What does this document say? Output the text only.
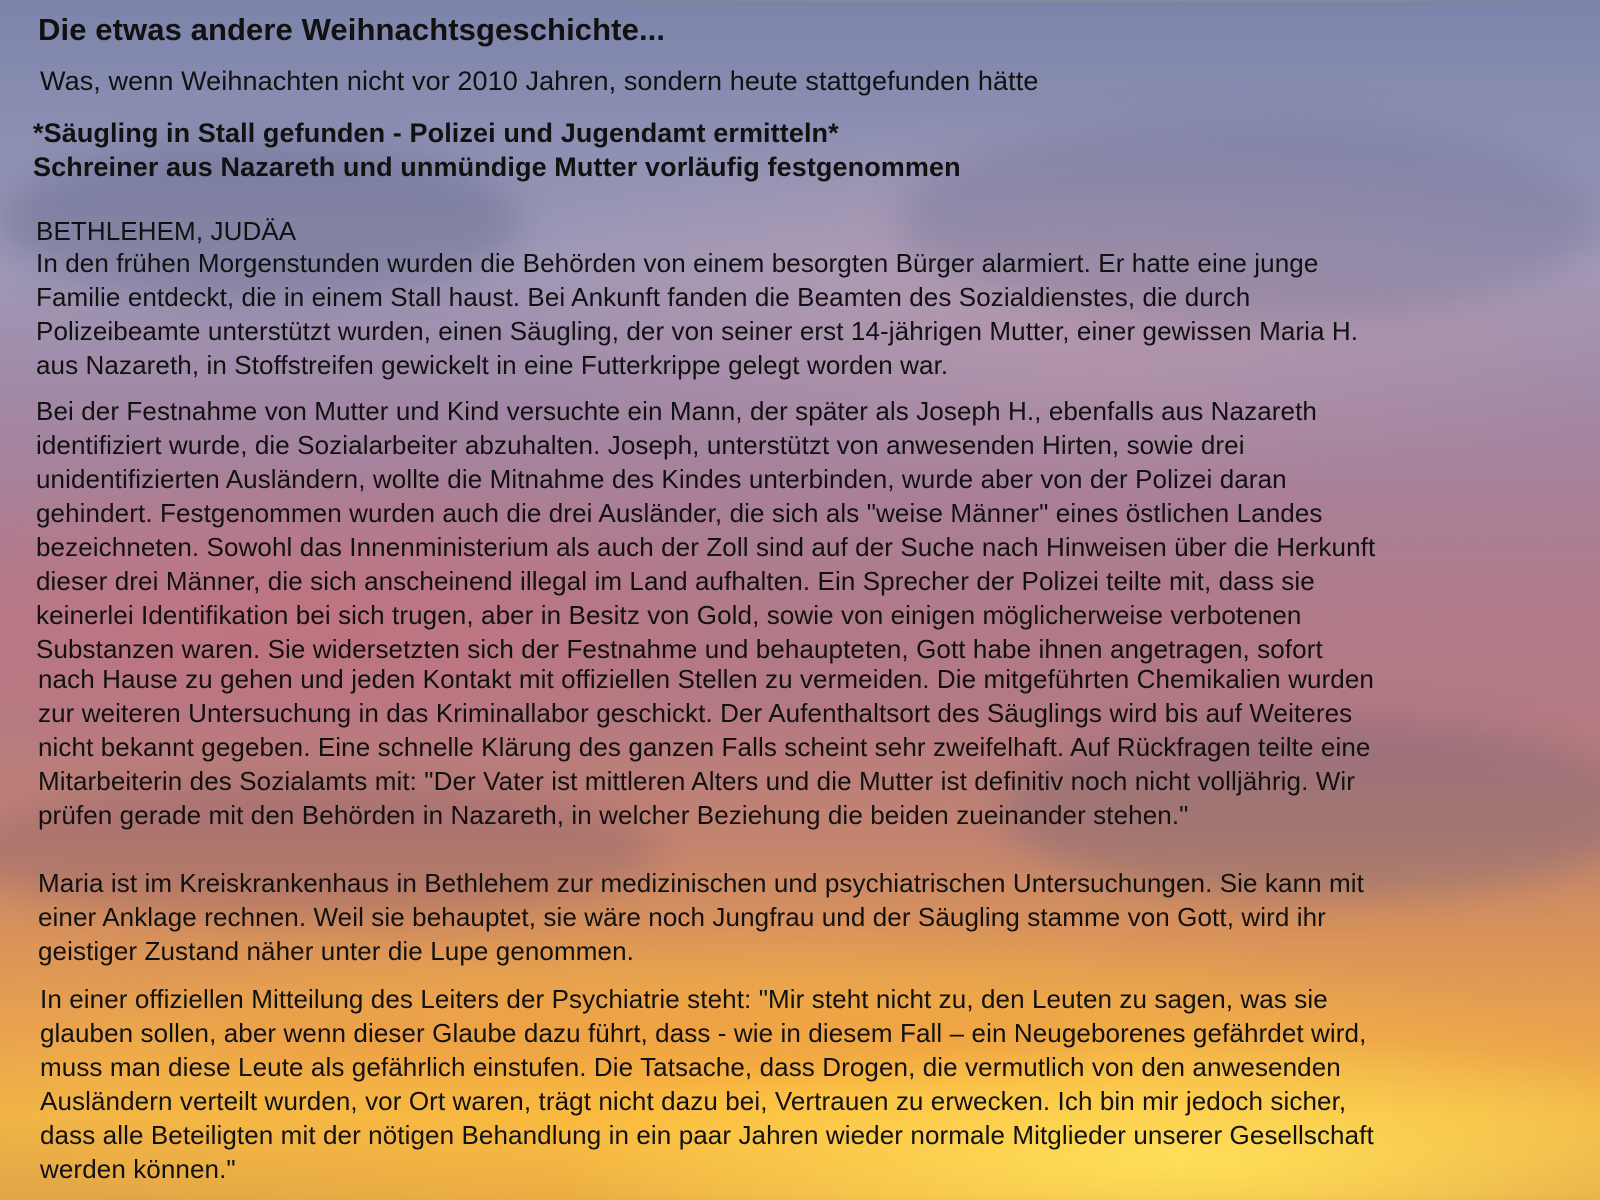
Die etwas andere Weihnachtsgeschichte...
Was, wenn Weihnachten nicht vor 2010 Jahren, sondern heute stattgefunden hätte
*Säugling in Stall gefunden - Polizei und Jugendamt ermitteln*
Schreiner aus Nazareth und unmündige Mutter vorläufig festgenommen
BETHLEHEM, JUDÄA
In den frühen Morgenstunden wurden die Behörden von einem besorgten Bürger alarmiert. Er hatte eine junge
Familie entdeckt, die in einem Stall haust. Bei Ankunft fanden die Beamten des Sozialdienstes, die durch
Polizeibeamte unterstützt wurden, einen Säugling, der von seiner erst 14-jährigen Mutter, einer gewissen Maria H.
aus Nazareth, in Stoffstreifen gewickelt in eine Futterkrippe gelegt worden war.
Bei der Festnahme von Mutter und Kind versuchte ein Mann, der später als Joseph H., ebenfalls aus Nazareth
identifiziert wurde, die Sozialarbeiter abzuhalten. Joseph, unterstützt von anwesenden Hirten, sowie drei
unidentifizierten Ausländern, wollte die Mitnahme des Kindes unterbinden, wurde aber von der Polizei daran
gehindert. Festgenommen wurden auch die drei Ausländer, die sich als "weise Männer" eines östlichen Landes
bezeichneten. Sowohl das Innenministerium als auch der Zoll sind auf der Suche nach Hinweisen über die Herkunft
dieser drei Männer, die sich anscheinend illegal im Land aufhalten. Ein Sprecher der Polizei teilte mit, dass sie
keinerlei Identifikation bei sich trugen, aber in Besitz von Gold, sowie von einigen möglicherweise verbotenen
Substanzen waren. Sie widersetzten sich der Festnahme und behaupteten, Gott habe ihnen angetragen, sofort
nach Hause zu gehen und jeden Kontakt mit offiziellen Stellen zu vermeiden. Die mitgeführten Chemikalien wurden
zur weiteren Untersuchung in das Kriminallabor geschickt. Der Aufenthaltsort des Säuglings wird bis auf Weiteres
nicht bekannt gegeben. Eine schnelle Klärung des ganzen Falls scheint sehr zweifelhaft. Auf Rückfragen teilte eine
Mitarbeiterin des Sozialamts mit: "Der Vater ist mittleren Alters und die Mutter ist definitiv noch nicht volljährig. Wir
prüfen gerade mit den Behörden in Nazareth, in welcher Beziehung die beiden zueinander stehen."
Maria ist im Kreiskrankenhaus in Bethlehem zur medizinischen und psychiatrischen Untersuchungen. Sie kann mit
einer Anklage rechnen. Weil sie behauptet, sie wäre noch Jungfrau und der Säugling stamme von Gott, wird ihr
geistiger Zustand näher unter die Lupe genommen.
In einer offiziellen Mitteilung des Leiters der Psychiatrie steht: "Mir steht nicht zu, den Leuten zu sagen, was sie
glauben sollen, aber wenn dieser Glaube dazu führt, dass - wie in diesem Fall – ein Neugeborenes gefährdet wird,
muss man diese Leute als gefährlich einstufen. Die Tatsache, dass Drogen, die vermutlich von den anwesenden
Ausländern verteilt wurden, vor Ort waren, trägt nicht dazu bei, Vertrauen zu erwecken. Ich bin mir jedoch sicher,
dass alle Beteiligten mit der nötigen Behandlung in ein paar Jahren wieder normale Mitglieder unserer Gesellschaft
werden können."
